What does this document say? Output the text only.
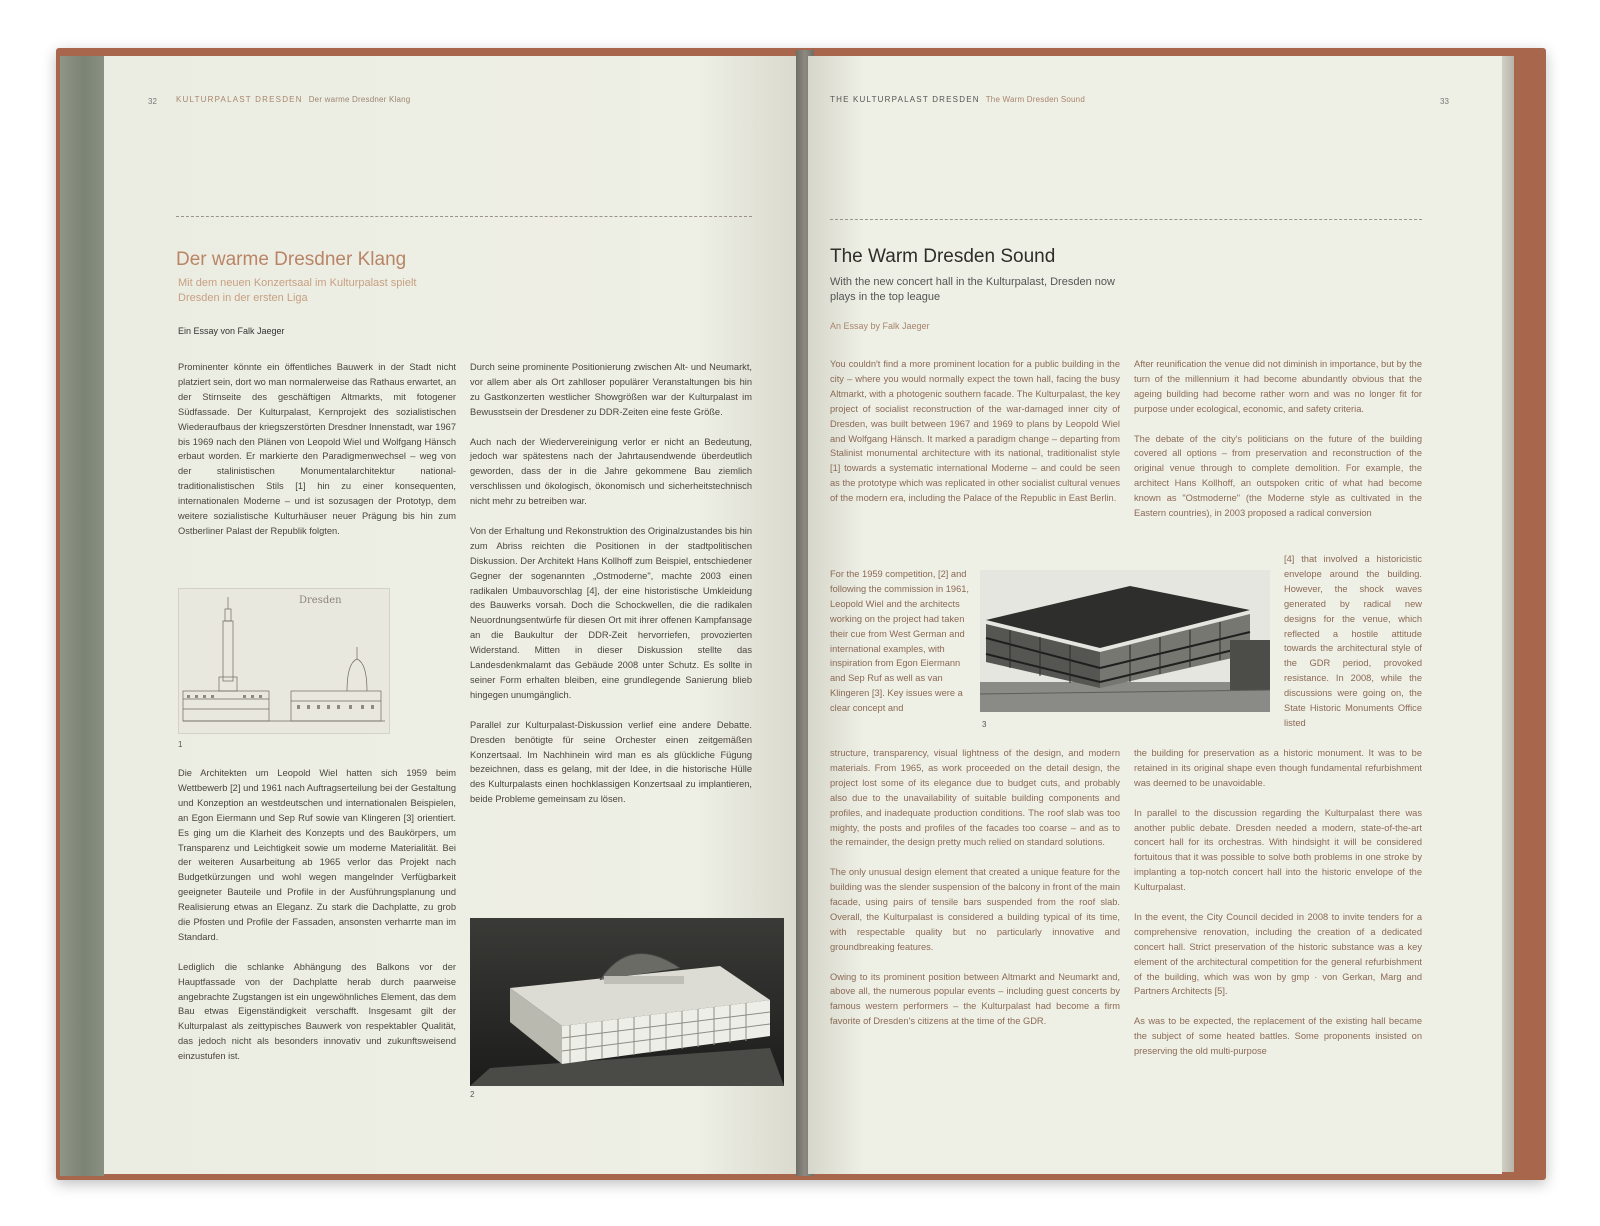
32 KULTURPALAST DRESDEN Der warme Dresdner Klang
Der warme Dresdner Klang
Mit dem neuen Konzertsaal im Kulturpalast spielt Dresden in der ersten Liga
Ein Essay von Falk Jaeger

Prominenter könnte ein öffentliches Bauwerk in der Stadt nicht platziert sein, dort wo man normalerweise das Rathaus erwartet, an der Stirnseite des geschäftigen Altmarkts, mit fotogener Südfassade. Der Kulturpalast, Kernprojekt des sozialistischen Wiederaufbaus der kriegszerstörten Dresdner Innenstadt, war 1967 bis 1969 nach den Plänen von Leopold Wiel und Wolfgang Hänsch erbaut worden. Er markierte den Paradigmenwechsel – weg von der stalinistischen Monumentalarchitektur national-traditionalistischen Stils [1] hin zu einer konsequenten, internationalen Moderne – und ist sozusagen der Prototyp, dem weitere sozialistische Kulturhäuser neuer Prägung bis hin zum Ostberliner Palast der Republik folgten.

Dresden
1

Die Architekten um Leopold Wiel hatten sich 1959 beim Wettbewerb [2] und 1961 nach Auftragserteilung bei der Gestaltung und Konzeption an westdeutschen und internationalen Beispielen, an Egon Eiermann und Sep Ruf sowie van Klingeren [3] orientiert. Es ging um die Klarheit des Konzepts und des Baukörpers, um Transparenz und Leichtigkeit sowie um moderne Materialität. Bei der weiteren Ausarbeitung ab 1965 verlor das Projekt nach Budgetkürzungen und wohl wegen mangelnder Verfügbarkeit geeigneter Bauteile und Profile in der Ausführungsplanung und Realisierung etwas an Eleganz. Zu stark die Dachplatte, zu grob die Pfosten und Profile der Fassaden, ansonsten verharrte man im Standard.

Lediglich die schlanke Abhängung des Balkons vor der Hauptfassade von der Dachplatte herab durch paarweise angebrachte Zugstangen ist ein ungewöhnliches Element, das dem Bau etwas Eigenständigkeit verschafft. Insgesamt gilt der Kulturpalast als zeittypisches Bauwerk von respektabler Qualität, das jedoch nicht als besonders innovativ und zukunftsweisend einzustufen ist.

Durch seine prominente Positionierung zwischen Alt- und Neumarkt, vor allem aber als Ort zahlloser populärer Veranstaltungen bis hin zu Gastkonzerten westlicher Showgrößen war der Kulturpalast im Bewusstsein der Dresdener zu DDR-Zeiten eine feste Größe.

Auch nach der Wiedervereinigung verlor er nicht an Bedeutung, jedoch war spätestens nach der Jahrtausendwende überdeutlich geworden, dass der in die Jahre gekommene Bau ziemlich verschlissen und ökologisch, ökonomisch und sicherheitstechnisch nicht mehr zu betreiben war.

Von der Erhaltung und Rekonstruktion des Originalzustandes bis hin zum Abriss reichten die Positionen in der stadtpolitischen Diskussion. Der Architekt Hans Kollhoff zum Beispiel, entschiedener Gegner der sogenannten „Ostmoderne", machte 2003 einen radikalen Umbauvorschlag [4], der eine historistische Umkleidung des Bauwerks vorsah. Doch die Schockwellen, die die radikalen Neuordnungsentwürfe für diesen Ort mit ihrer offenen Kampfansage an die Baukultur der DDR-Zeit hervorriefen, provozierten Widerstand. Mitten in dieser Diskussion stellte das Landesdenkmalamt das Gebäude 2008 unter Schutz. Es sollte in seiner Form erhalten bleiben, eine grundlegende Sanierung blieb hingegen unumgänglich.

Parallel zur Kulturpalast-Diskussion verlief eine andere Debatte. Dresden benötigte für seine Orchester einen zeitgemäßen Konzertsaal. Im Nachhinein wird man es als glückliche Fügung bezeichnen, dass es gelang, mit der Idee, in die historische Hülle des Kulturpalasts einen hochklassigen Konzertsaal zu implantieren, beide Probleme gemeinsam zu lösen.

2
THE KULTURPALAST DRESDEN The Warm Dresden Sound	33
The Warm Dresden Sound
With the new concert hall in the Kulturpalast, Dresden now plays in the top league
An Essay by Falk Jaeger

You couldn't find a more prominent location for a public building in the city – where you would normally expect the town hall, facing the busy Altmarkt, with a photogenic southern facade. The Kulturpalast, the key project of socialist reconstruction of the war-damaged inner city of Dresden, was built between 1967 and 1969 to plans by Leopold Wiel and Wolfgang Hänsch. It marked a paradigm change – departing from Stalinist monumental architecture with its national, traditionalist style [1] towards a systematic international Moderne – and could be seen as the prototype which was replicated in other socialist cultural venues of the modern era, including the Palace of the Republic in East Berlin.

For the 1959 competition, [2] and following the commission in 1961, Leopold Wiel and the architects working on the project had taken their cue from West German and international examples, with inspiration from Egon Eiermann and Sep Ruf as well as van Klingeren [3]. Key issues were a clear concept and

3

structure, transparency, visual lightness of the design, and modern materials. From 1965, as work proceeded on the detail design, the project lost some of its elegance due to budget cuts, and probably also due to the unavailability of suitable building components and profiles, and inadequate production conditions. The roof slab was too mighty, the posts and profiles of the facades too coarse – and as to the remainder, the design pretty much relied on standard solutions.

The only unusual design element that created a unique feature for the building was the slender suspension of the balcony in front of the main facade, using pairs of tensile bars suspended from the roof slab. Overall, the Kulturpalast is considered a building typical of its time, with respectable quality but no particularly innovative and groundbreaking features.

Owing to its prominent position between Altmarkt and Neumarkt and, above all, the numerous popular events – including guest concerts by famous western performers – the Kulturpalast had become a firm favorite of Dresden's citizens at the time of the GDR.

After reunification the venue did not diminish in importance, but by the turn of the millennium it had become abundantly obvious that the ageing building had become rather worn and was no longer fit for purpose under ecological, economic, and safety criteria.

The debate of the city's politicians on the future of the building covered all options – from preservation and reconstruction of the original venue through to complete demolition. For example, the architect Hans Kollhoff, an outspoken critic of what had become known as "Ostmoderne" (the Moderne style as cultivated in the Eastern countries), in 2003 proposed a radical conversion

[4] that involved a historicistic envelope around the building. However, the shock waves generated by radical new designs for the venue, which reflected a hostile attitude towards the architectural style of the GDR period, provoked resistance. In 2008, while the discussions were going on, the State Historic Monuments Office listed

the building for preservation as a historic monument. It was to be retained in its original shape even though fundamental refurbishment was deemed to be unavoidable.

In parallel to the discussion regarding the Kulturpalast there was another public debate. Dresden needed a modern, state-of-the-art concert hall for its orchestras. With hindsight it will be considered fortuitous that it was possible to solve both problems in one stroke by implanting a top-notch concert hall into the historic envelope of the Kulturpalast.

In the event, the City Council decided in 2008 to invite tenders for a comprehensive renovation, including the creation of a dedicated concert hall. Strict preservation of the historic substance was a key element of the architectural competition for the general refurbishment of the building, which was won by gmp · von Gerkan, Marg and Partners Architects [5].

As was to be expected, the replacement of the existing hall became the subject of some heated battles. Some proponents insisted on preserving the old multi-purpose
